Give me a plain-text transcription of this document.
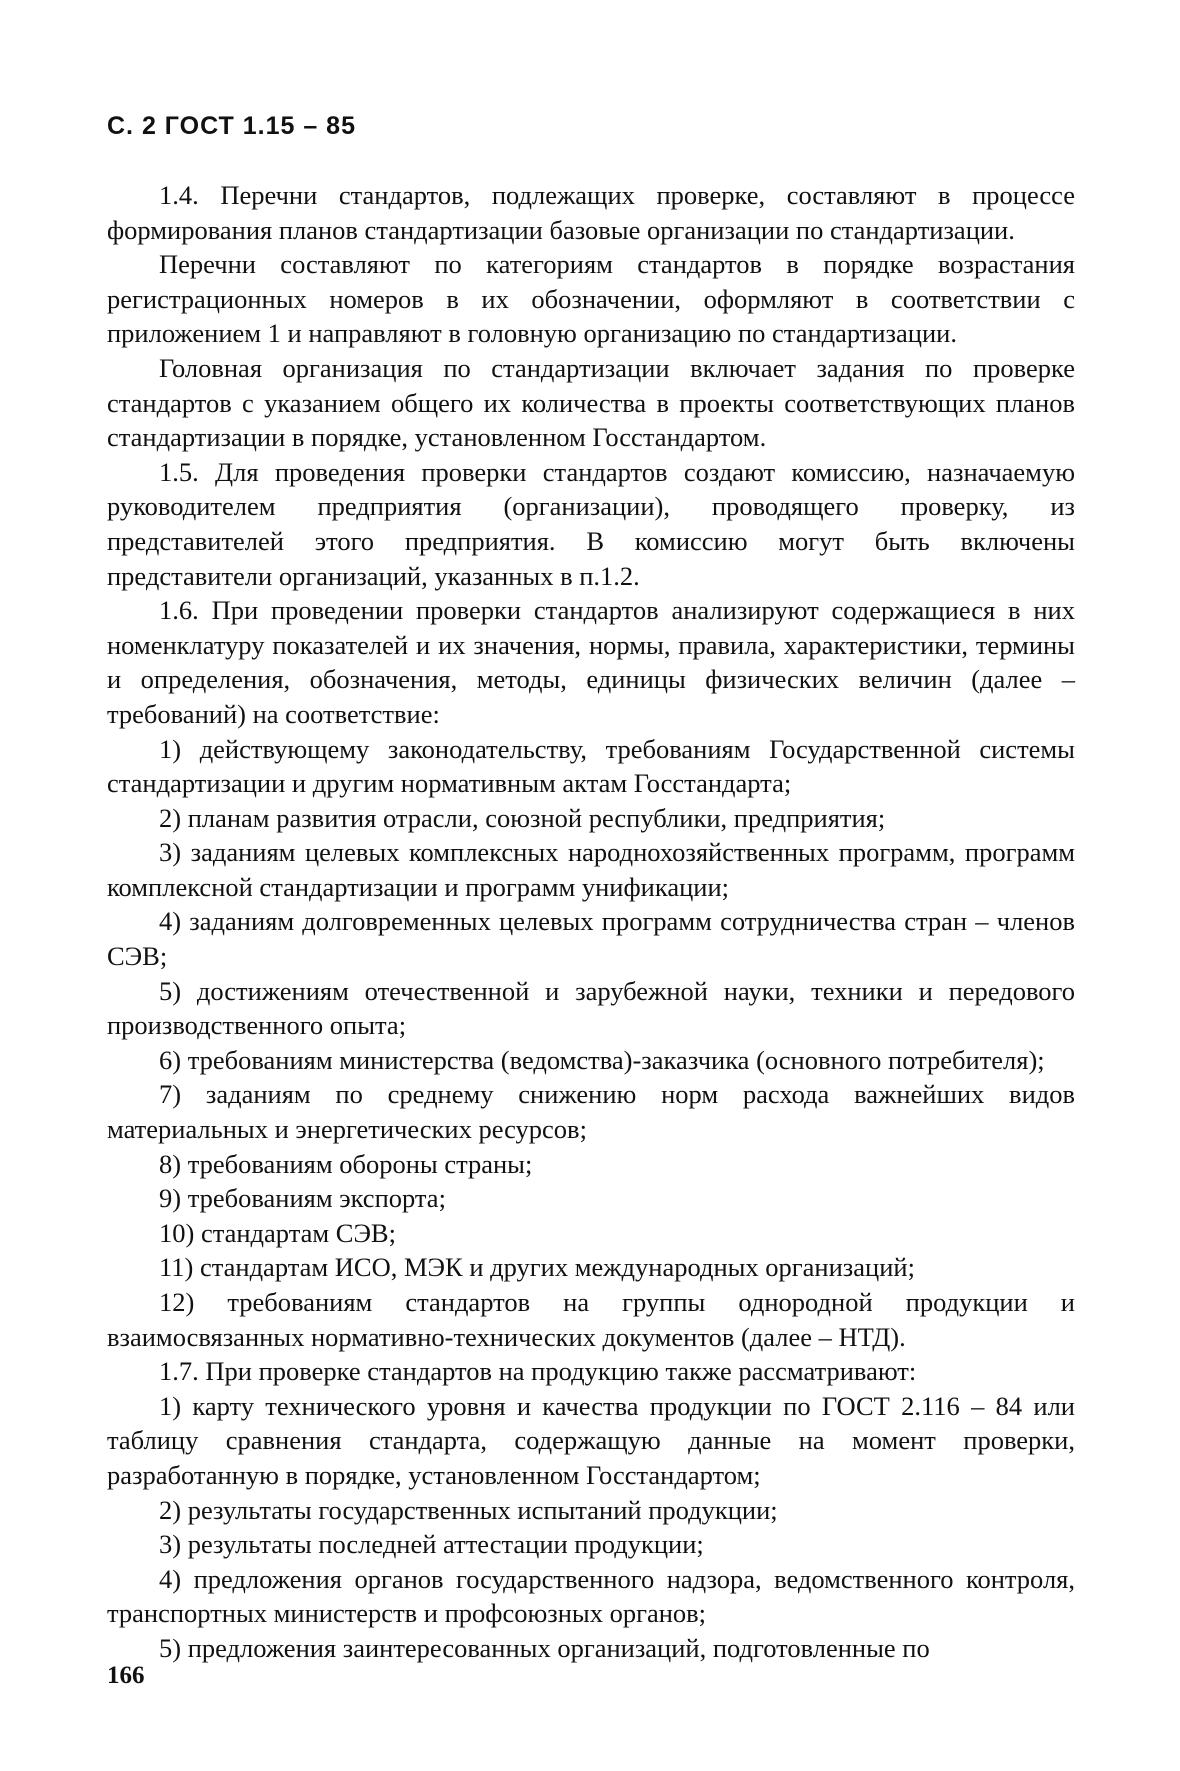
С. 2 ГОСТ 1.15 – 85

1.4. Перечни стандартов, подлежащих проверке, составляют в процессе формирования планов стандартизации базовые организации по стандартизации.

Перечни составляют по категориям стандартов в порядке возрастания регистрационных номеров в их обозначении, оформляют в соответствии с приложением 1 и направляют в головную организацию по стандартизации.

Головная организация по стандартизации включает задания по проверке стандартов с указанием общего их количества в проекты соответствующих планов стандартизации в порядке, установленном Госстандартом.

1.5. Для проведения проверки стандартов создают комиссию, назначаемую руководителем предприятия (организации), проводящего проверку, из представителей этого предприятия. В комиссию могут быть включены представители организаций, указанных в п.1.2.

1.6. При проведении проверки стандартов анализируют содержащиеся в них номенклатуру показателей и их значения, нормы, правила, характеристики, термины и определения, обозначения, методы, единицы физических величин (далее – требований) на соответствие:

1) действующему законодательству, требованиям Государственной системы стандартизации и другим нормативным актам Госстандарта;

2) планам развития отрасли, союзной республики, предприятия;

3) заданиям целевых комплексных народнохозяйственных программ, программ комплексной стандартизации и программ унификации;

4) заданиям долговременных целевых программ сотрудничества стран – членов СЭВ;

5) достижениям отечественной и зарубежной науки, техники и передового производственного опыта;

6) требованиям министерства (ведомства)-заказчика (основного потребителя);

7) заданиям по среднему снижению норм расхода важнейших видов материальных и энергетических ресурсов;

8) требованиям обороны страны;

9) требованиям экспорта;

10) стандартам СЭВ;

11) стандартам ИСО, МЭК и других международных организаций;

12) требованиям стандартов на группы однородной продукции и взаимосвязанных нормативно-технических документов (далее – НТД).

1.7. При проверке стандартов на продукцию также рассматривают:

1) карту технического уровня и качества продукции по ГОСТ 2.116 – 84 или таблицу сравнения стандарта, содержащую данные на момент проверки, разработанную в порядке, установленном Госстандартом;

2) результаты государственных испытаний продукции;

3) результаты последней аттестации продукции;

4) предложения органов государственного надзора, ведомственного контроля, транспортных министерств и профсоюзных органов;

5) предложения заинтересованных организаций, подготовленные по

166
